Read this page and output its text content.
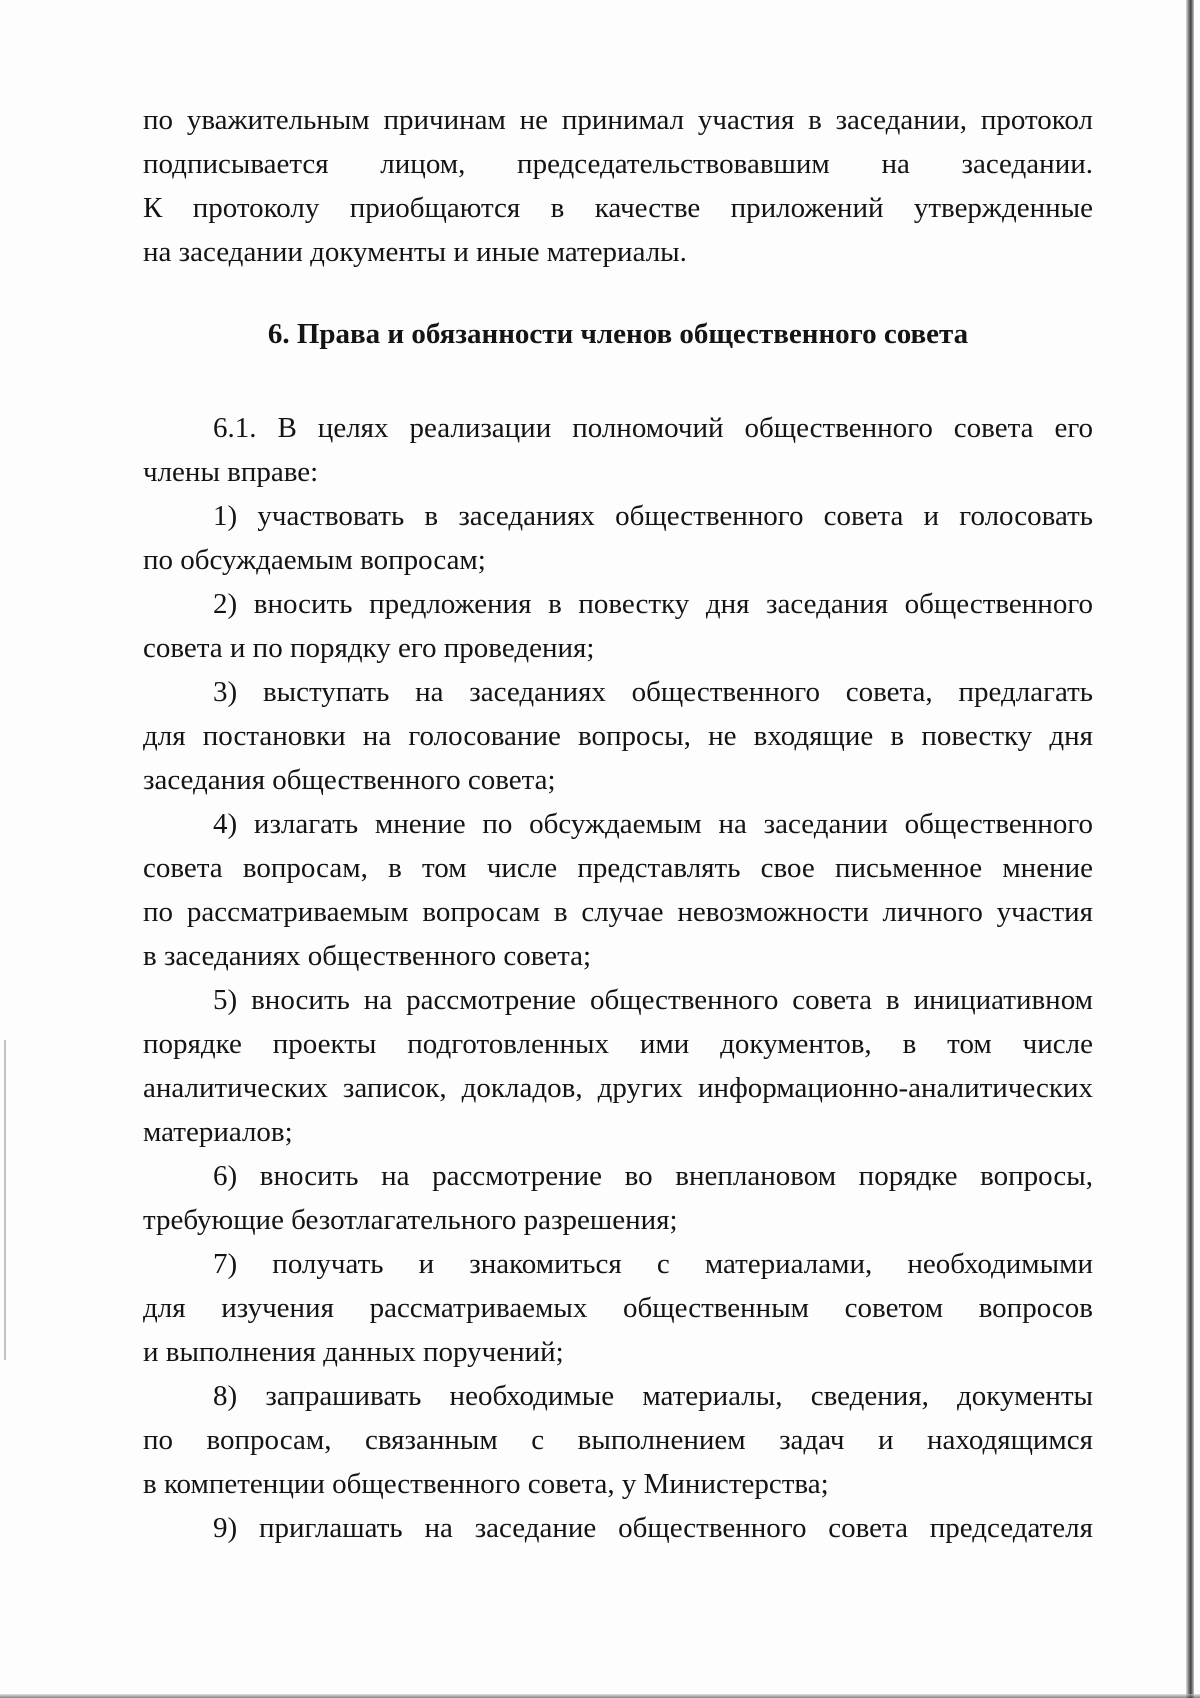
по уважительным причинам не принимал участия в заседании, протокол
подписывается лицом, председательствовавшим на заседании.
К протоколу приобщаются в качестве приложений утвержденные
на заседании документы и иные материалы.
6. Права и обязанности членов общественного совета
6.1. В целях реализации полномочий общественного совета его
члены вправе:
1) участвовать в заседаниях общественного совета и голосовать
по обсуждаемым вопросам;
2) вносить предложения в повестку дня заседания общественного
совета и по порядку его проведения;
3) выступать на заседаниях общественного совета, предлагать
для постановки на голосование вопросы, не входящие в повестку дня
заседания общественного совета;
4) излагать мнение по обсуждаемым на заседании общественного
совета вопросам, в том числе представлять свое письменное мнение
по рассматриваемым вопросам в случае невозможности личного участия
в заседаниях общественного совета;
5) вносить на рассмотрение общественного совета в инициативном
порядке проекты подготовленных ими документов, в том числе
аналитических записок, докладов, других информационно-аналитических
материалов;
6) вносить на рассмотрение во внеплановом порядке вопросы,
требующие безотлагательного разрешения;
7) получать и знакомиться с материалами, необходимыми
для изучения рассматриваемых общественным советом вопросов
и выполнения данных поручений;
8) запрашивать необходимые материалы, сведения, документы
по вопросам, связанным с выполнением задач и находящимся
в компетенции общественного совета, у Министерства;
9) приглашать на заседание общественного совета председателя
